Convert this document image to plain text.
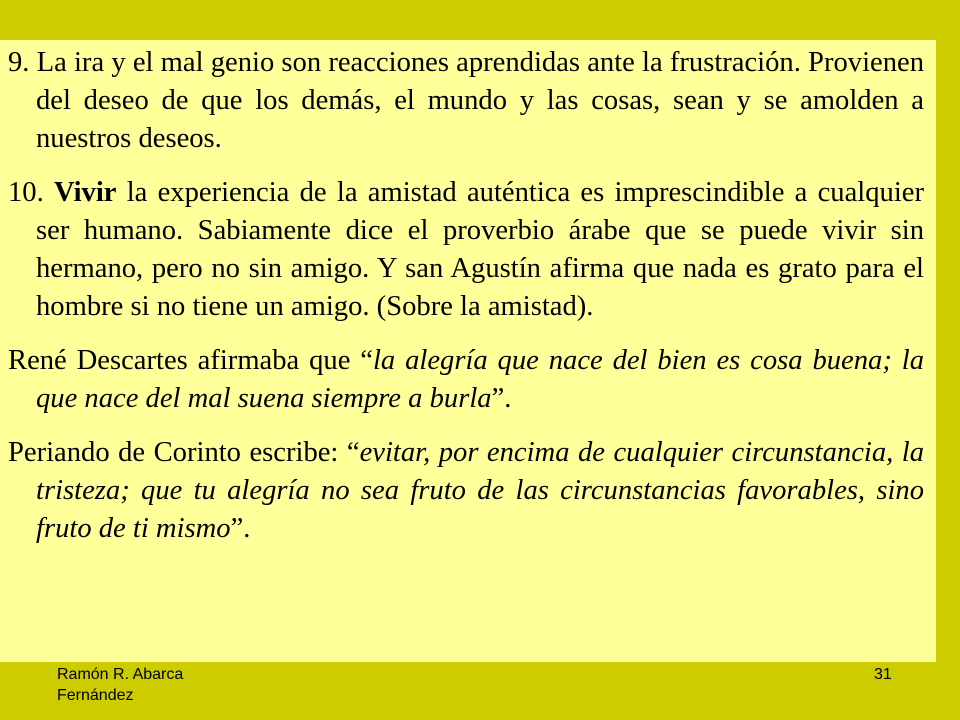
9. La ira y el mal genio son reacciones aprendidas ante la frustración. Provienen del deseo de que los demás, el mundo y las cosas, sean y se amolden a nuestros deseos.

10. Vivir la experiencia de la amistad auténtica es imprescindible a cualquier ser humano. Sabiamente dice el proverbio árabe que se puede vivir sin hermano, pero no sin amigo. Y san Agustín afirma que nada es grato para el hombre si no tiene un amigo. (Sobre la amistad).

René Descartes afirmaba que “la alegría que nace del bien es cosa buena; la que nace del mal suena siempre a burla”.

Periando de Corinto escribe: “evitar, por encima de cualquier circunstancia, la tristeza; que tu alegría no sea fruto de las circunstancias favorables, sino fruto de ti mismo”.

Ramón R. Abarca Fernández
31
